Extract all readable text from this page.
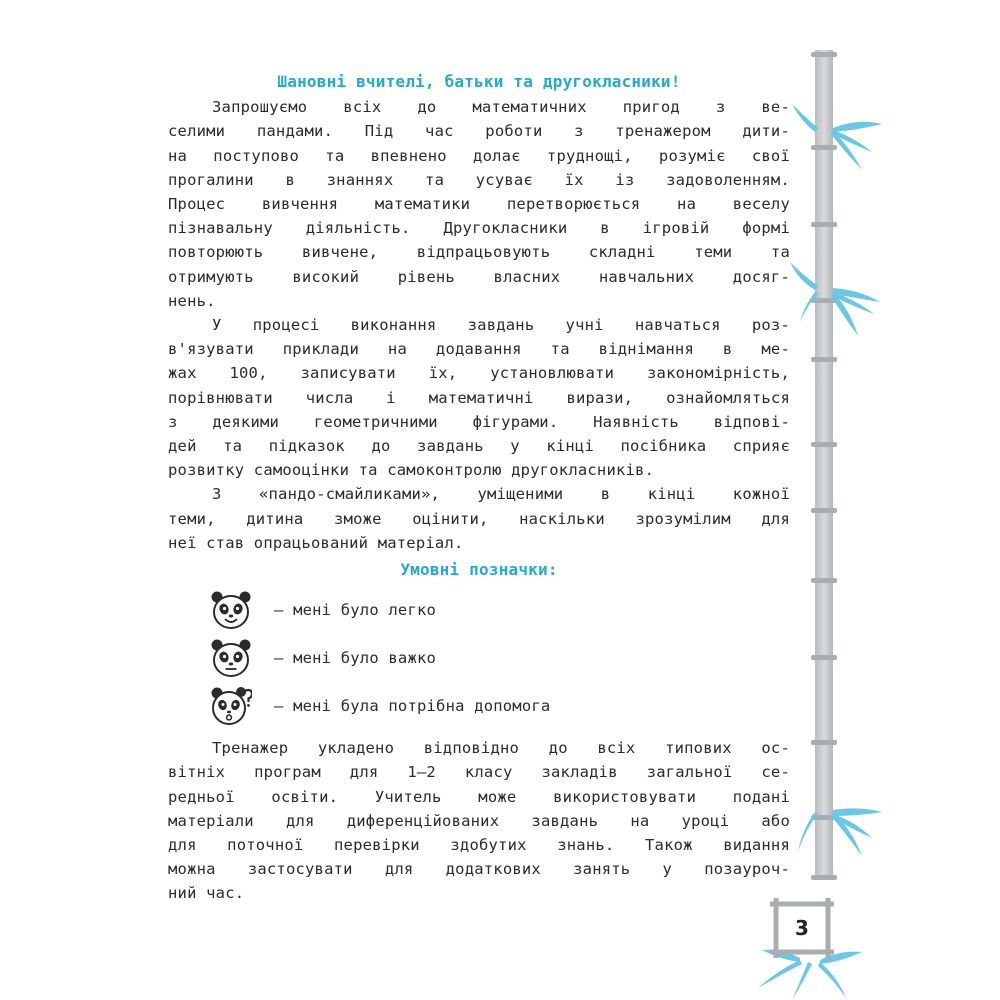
Шановні вчителі, батьки та другокласники!

Запрошуємо всіх до математичних пригод з ве-
селими пандами. Під час роботи з тренажером дити-
на поступово та впевнено долає труднощі, розуміє свої
прогалини в знаннях та усуває їх із задоволенням.
Процес вивчення математики перетворюється на веселу
пізнавальну діяльність. Другокласники в ігровій формі
повторюють вивчене, відпрацьовують складні теми та
отримують високий рівень власних навчальних досяг-
нень.

У процесі виконання завдань учні навчаться роз-
в'язувати приклади на додавання та віднімання в ме-
жах 100, записувати їх, установлювати закономірність,
порівнювати числа і математичні вирази, ознайомляться
з деякими геометричними фігурами. Наявність відпові-
дей та підказок до завдань у кінці посібника сприяє
розвитку самооцінки та самоконтролю другокласників.

З «пандо-смайликами», уміщеними в кінці кожної
теми, дитина зможе оцінити, наскільки зрозумілим для
неї став опрацьований матеріал.

Умовні позначки:
— мені було легко
— мені було важко
— мені була потрібна допомога

Тренажер укладено відповідно до всіх типових ос-
вітніх програм для 1–2 класу закладів загальної се-
редньої освіти. Учитель може використовувати подані
матеріали для диференційованих завдань на уроці або
для поточної перевірки здобутих знань. Також видання
можна застосувати для додаткових занять у позауроч-
ний час.

3
